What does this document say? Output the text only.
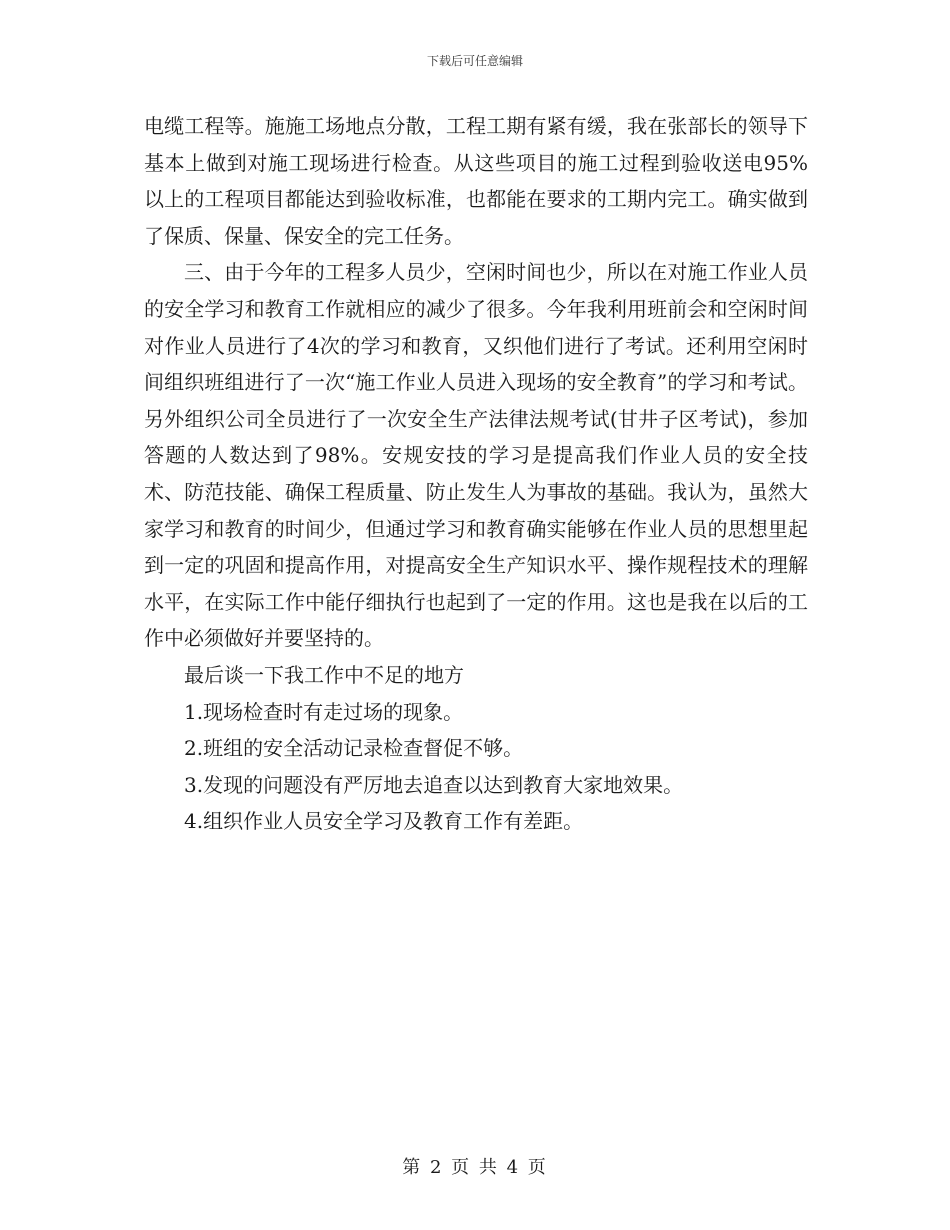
下载后可任意编辑

电缆工程等。施施工场地点分散，工程工期有紧有缓，我在张部长的领导下基本上做到对施工现场进行检查。从这些项目的施工过程到验收送电95%以上的工程项目都能达到验收标准，也都能在要求的工期内完工。确实做到了保质、保量、保安全的完工任务。

三、由于今年的工程多人员少，空闲时间也少，所以在对施工作业人员的安全学习和教育工作就相应的减少了很多。今年我利用班前会和空闲时间对作业人员进行了4次的学习和教育，又织他们进行了考试。还利用空闲时间组织班组进行了一次“施工作业人员进入现场的安全教育”的学习和考试。另外组织公司全员进行了一次安全生产法律法规考试(甘井子区考试)，参加答题的人数达到了98%。安规安技的学习是提高我们作业人员的安全技术、防范技能、确保工程质量、防止发生人为事故的基础。我认为，虽然大家学习和教育的时间少，但通过学习和教育确实能够在作业人员的思想里起到一定的巩固和提高作用，对提高安全生产知识水平、操作规程技术的理解水平，在实际工作中能仔细执行也起到了一定的作用。这也是我在以后的工作中必须做好并要坚持的。

最后谈一下我工作中不足的地方

1.现场检查时有走过场的现象。

2.班组的安全活动记录检查督促不够。

3.发现的问题没有严厉地去追查以达到教育大家地效果。

4.组织作业人员安全学习及教育工作有差距。

第 2 页 共 4 页
